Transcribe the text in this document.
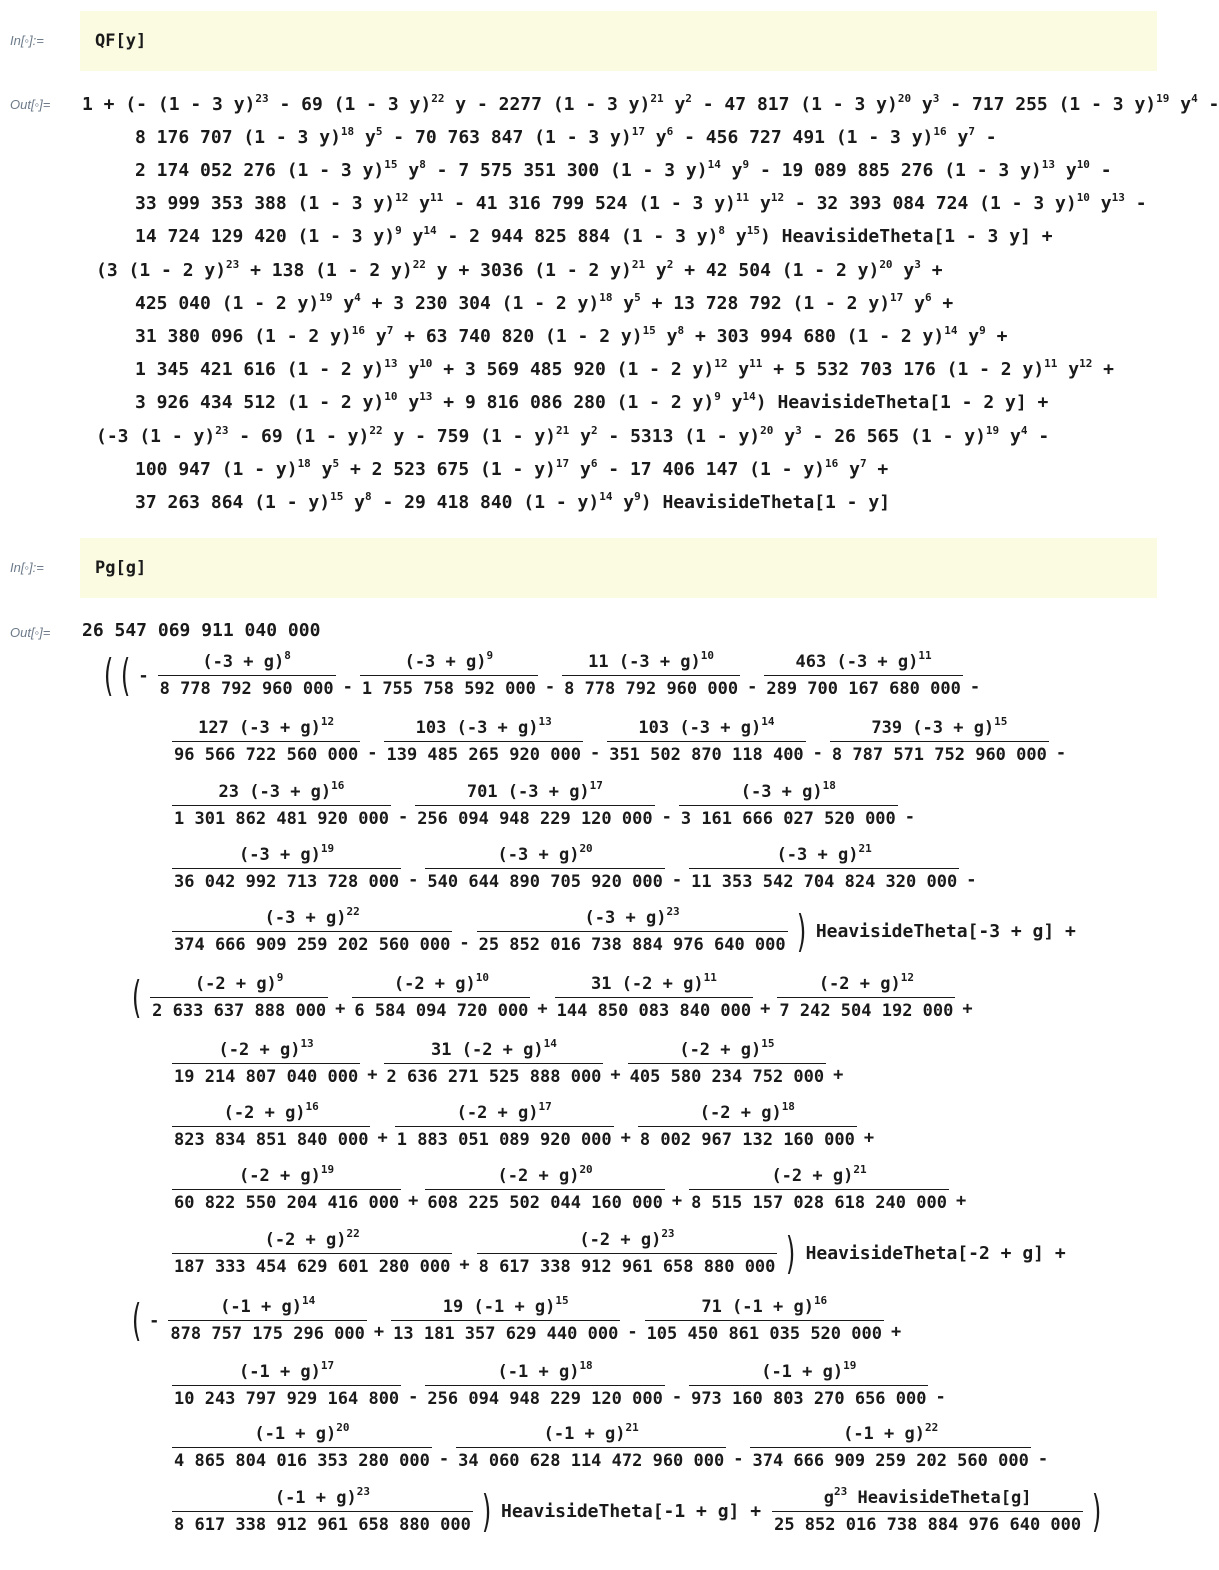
In[◦]:=	QF[y]
Out[◦]= 1 + (- (1 - 3 y)$^{23}$ - 69 (1 - 3 y)$^{22}$ y - 2277 (1 - 3 y)$^{21}$ $y^2 - 47$ 817 (1 - 3 y)$^{20}$ $y^3 - 717$ 255 (1 - 3 y)$^{19}$ $y^4$ -
8 176 707 (1 - 3 y)$^{18}$ $y^5 - 70$ 763 847 (1 - 3 y)$^{17}$ $y^6 - 456$ 727 491 (1 - 3 y)$^{16}$ $y^7$ -
2 174 052 276 (1 - 3 y)$^{15}$ $y^8 - 7$ 575 351 300 (1 - 3 y)$^{14}$ $y^9 - 19$ 089 885 276 (1 - 3 y)$^{13}$ $y^{10}$ -
33 999 353 388 (1 - 3 y)$^{12}$ $y^{11} - 41$ 316 799 524 (1 - 3 y)$^{11}$ $y^{12} - 32$ 393 084 724 (1 - 3 y)$^{10}$ $y^{13}$ -
14 724 129 420 (1 - 3 y)$^9$ $y^{14} - 2$ 944 825 884 (1 - 3 y)$^8$ $y^{15}$) HeavisideTheta[1 - 3 y] +
(3 (1 - 2 y)$^{23}$ + 138 (1 - 2 y)$^{22}$ y + 3036 (1 - 2 y)$^{21}$ $y^2 + 42$ 504 (1 - 2 y)$^{20}$ $y^3$ +
425 040 (1 - 2 y)$^{19}$ $y^4 + 3$ 230 304 (1 - 2 y)$^{18}$ $y^5 + 13$ 728 792 (1 - 2 y)$^{17}$ $y^6$ +
31 380 096 (1 - 2 y)$^{16}$ $y^7 + 63$ 740 820 (1 - 2 y)$^{15}$ $y^8 + 303$ 994 680 (1 - 2 y)$^{14}$ $y^9$ +
1 345 421 616 (1 - 2 y)$^{13}$ $y^{10} + 3$ 569 485 920 (1 - 2 y)$^{12}$ $y^{11} + 5$ 532 703 176 (1 - 2 y)$^{11}$ $y^{12}$ +
3 926 434 512 (1 - 2 y)$^{10}$ $y^{13} + 9$ 816 086 280 (1 - 2 y)$^9$ $y^{14}$) HeavisideTheta[1 - 2 y] +
(-3 (1 - y)$^{23}$ - 69 (1 - y)$^{22}$ y - 759 (1 - y)$^{21}$ $y^2 - 5313$ (1 - y)$^{20}$ $y^3 - 26$ 565 (1 - y)$^{19}$ $y^4$ -
100 947 (1 - y)$^{18}$ $y^5 + 2$ 523 675 (1 - y)$^{17}$ $y^6 - 17$ 406 147 (1 - y)$^{16}$ $y^7$ +
37 263 864 (1 - y)$^{15}$ $y^8 - 29$ 418 840 (1 - y)$^{14}$ $y^9$) HeavisideTheta[1 - y]
In[◦]:=	Pg[g]
Out[◦]= 26 547 069 911 040 000
( ( - $\frac{(-3 + g)^8}{8 778 792 960 000} - \frac{(-3 + g)^9}{1 755 758 592 000} - \frac{11 (-3 + g)^{10}}{8 778 792 960 000} - \frac{463 (-3 + g)^{11}}{289 700 167 680 000}$ -
$\frac{127 (-3 + g)^{12}}{96 566 722 560 000} - \frac{103 (-3 + g)^{13}}{139 485 265 920 000} - \frac{103 (-3 + g)^{14}}{351 502 870 118 400} - \frac{739 (-3 + g)^{15}}{8 787 571 752 960 000}$ -
$\frac{23 (-3 + g)^{16}}{1 301 862 481 920 000} - \frac{701 (-3 + g)^{17}}{256 094 948 229 120 000} - \frac{(-3 + g)^{18}}{3 161 666 027 520 000}$ -
$\frac{(-3 + g)^{19}}{36 042 992 713 728 000} - \frac{(-3 + g)^{20}}{540 644 890 705 920 000} - \frac{(-3 + g)^{21}}{11 353 542 704 824 320 000}$ -
$\frac{(-3 + g)^{22}}{374 666 909 259 202 560 000} - \frac{(-3 + g)^{23}}{25 852 016 738 884 976 640 000}$ ) HeavisideTheta[-3 + g] +
( $\frac{(-2 + g)^9}{2 633 637 888 000} + \frac{(-2 + g)^{10}}{6 584 094 720 000} + \frac{31 (-2 + g)^{11}}{144 850 083 840 000} + \frac{(-2 + g)^{12}}{7 242 504 192 000}$ +
$\frac{(-2 + g)^{13}}{19 214 807 040 000} + \frac{31 (-2 + g)^{14}}{2 636 271 525 888 000} + \frac{(-2 + g)^{15}}{405 580 234 752 000}$ +
$\frac{(-2 + g)^{16}}{823 834 851 840 000} + \frac{(-2 + g)^{17}}{1 883 051 089 920 000} + \frac{(-2 + g)^{18}}{8 002 967 132 160 000}$ +
$\frac{(-2 + g)^{19}}{60 822 550 204 416 000} + \frac{(-2 + g)^{20}}{608 225 502 044 160 000} + \frac{(-2 + g)^{21}}{8 515 157 028 618 240 000}$ +
$\frac{(-2 + g)^{22}}{187 333 454 629 601 280 000} + \frac{(-2 + g)^{23}}{8 617 338 912 961 658 880 000}$ ) HeavisideTheta[-2 + g] +
( - $\frac{(-1 + g)^{14}}{878 757 175 296 000} + \frac{19 (-1 + g)^{15}}{13 181 357 629 440 000} - \frac{71 (-1 + g)^{16}}{105 450 861 035 520 000}$ +
$\frac{(-1 + g)^{17}}{10 243 797 929 164 800} - \frac{(-1 + g)^{18}}{256 094 948 229 120 000} - \frac{(-1 + g)^{19}}{973 160 803 270 656 000}$ -
$\frac{(-1 + g)^{20}}{4 865 804 016 353 280 000} - \frac{(-1 + g)^{21}}{34 060 628 114 472 960 000} - \frac{(-1 + g)^{22}}{374 666 909 259 202 560 000}$ -
$\frac{(-1 + g)^{23}}{8 617 338 912 961 658 880 000}$ ) HeavisideTheta[-1 + $g] + \frac{g^{23} HeavisideTheta[g]}{25 852 016 738 884 976 640 000}$ )
